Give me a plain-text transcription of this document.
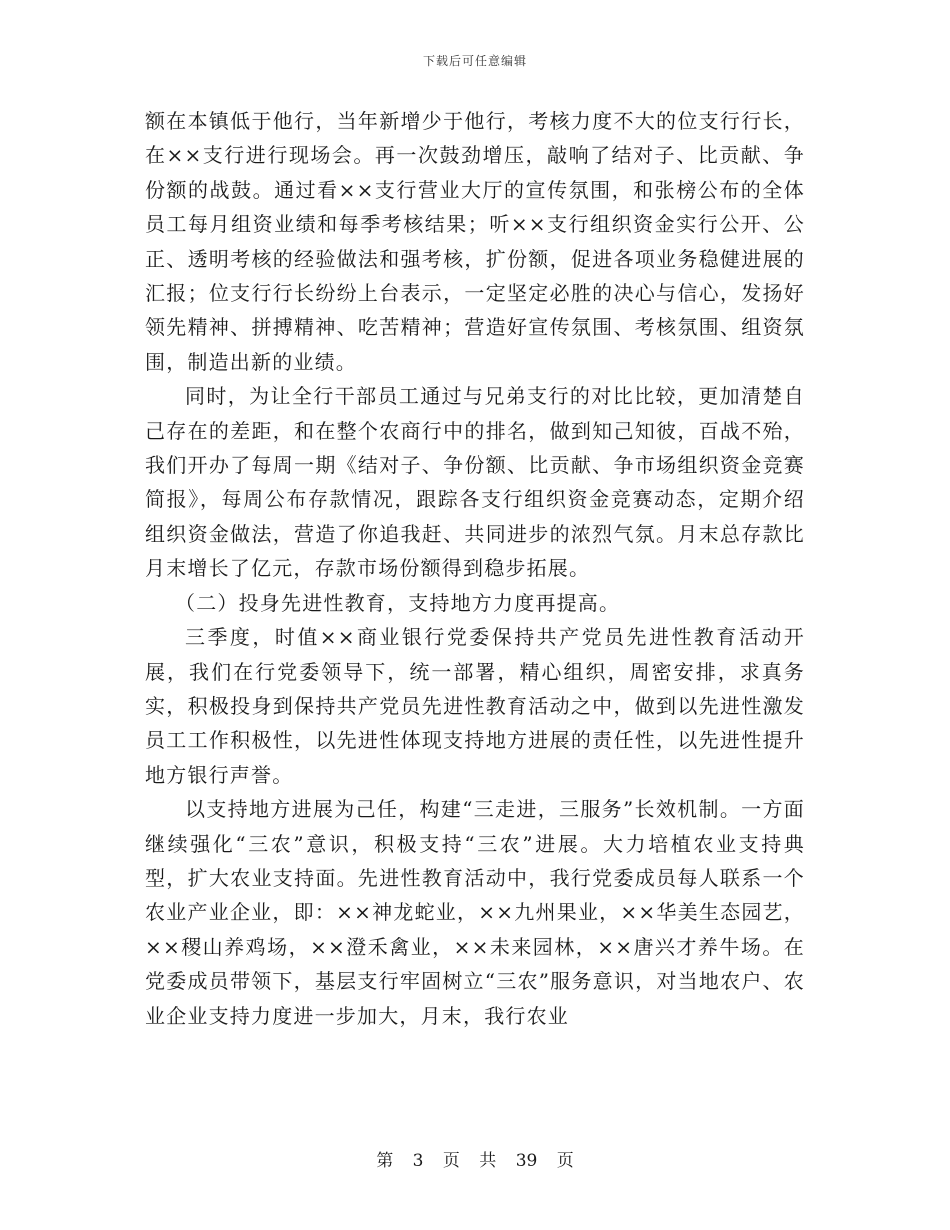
下载后可任意编辑

额在本镇低于他行，当年新增少于他行，考核力度不大的位支行行长，在××支行进行现场会。再一次鼓劲增压，敲响了结对子、比贡献、争份额的战鼓。通过看××支行营业大厅的宣传氛围，和张榜公布的全体员工每月组资业绩和每季考核结果；听××支行组织资金实行公开、公正、透明考核的经验做法和强考核，扩份额，促进各项业务稳健进展的汇报；位支行行长纷纷上台表示，一定坚定必胜的决心与信心，发扬好领先精神、拼搏精神、吃苦精神；营造好宣传氛围、考核氛围、组资氛围，制造出新的业绩。

同时，为让全行干部员工通过与兄弟支行的对比比较，更加清楚自己存在的差距，和在整个农商行中的排名，做到知己知彼，百战不殆，我们开办了每周一期《结对子、争份额、比贡献、争市场组织资金竞赛简报》，每周公布存款情况，跟踪各支行组织资金竞赛动态，定期介绍组织资金做法，营造了你追我赶、共同进步的浓烈气氛。月末总存款比月末增长了亿元，存款市场份额得到稳步拓展。

（二）投身先进性教育，支持地方力度再提高。

三季度，时值××商业银行党委保持共产党员先进性教育活动开展，我们在行党委领导下，统一部署，精心组织，周密安排，求真务实，积极投身到保持共产党员先进性教育活动之中，做到以先进性激发员工工作积极性，以先进性体现支持地方进展的责任性，以先进性提升地方银行声誉。

以支持地方进展为己任，构建“三走进，三服务”长效机制。一方面继续强化“三农”意识，积极支持“三农”进展。大力培植农业支持典型，扩大农业支持面。先进性教育活动中，我行党委成员每人联系一个农业产业企业，即：××神龙蛇业，××九州果业，××华美生态园艺，××稷山养鸡场，××澄禾禽业，××未来园林，××唐兴才养牛场。在党委成员带领下，基层支行牢固树立“三农”服务意识，对当地农户、农业企业支持力度进一步加大，月末，我行农业

第 3 页 共 39 页
